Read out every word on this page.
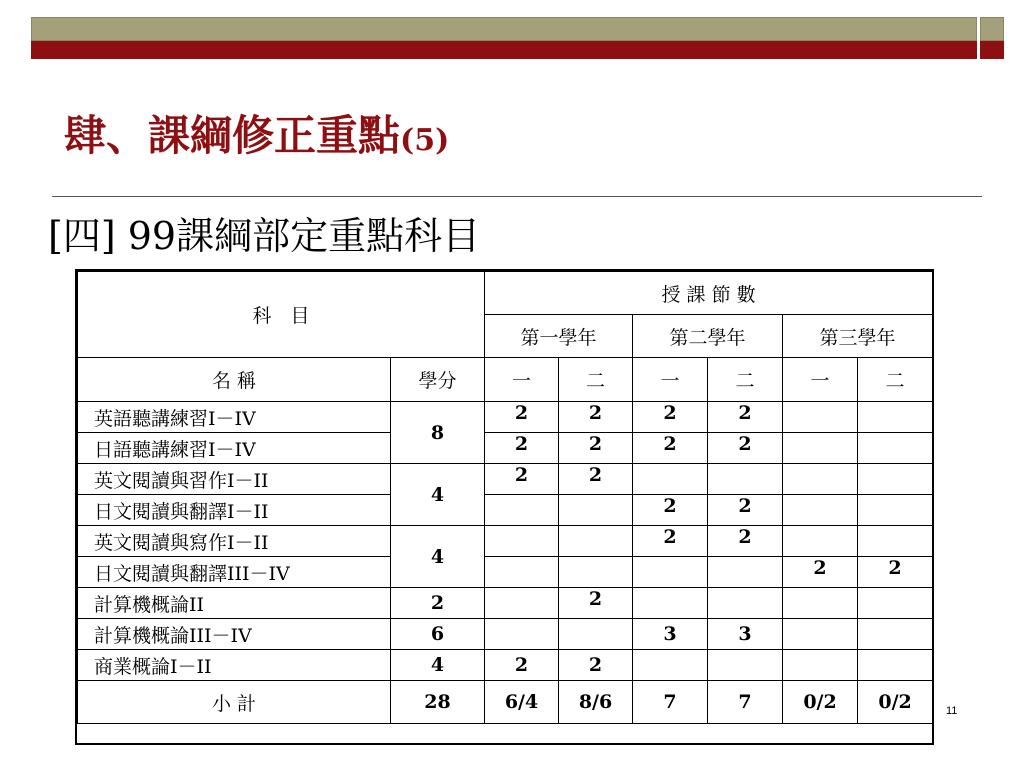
肆、課綱修正重點(5)
[四] 99課綱部定重點科目
科　目		授 課 節 數					
		第一學年		第二學年		第三學年	
名 稱	學分	一	二	一	二	一	二
英語聽講練習I－IV	8	2	2	2	2		
日語聽講練習I－IV		2	2	2	2		
英文閱讀與習作I－II	4	2	2				
日文閱讀與翻譯I－II				2	2		
英文閱讀與寫作I－II	4			2	2		
日文閱讀與翻譯III－IV						2	2
計算機概論II	2		2				
計算機概論III－IV	6			3	3		
商業概論I－II	4	2	2				
小 計	28	6/4	8/6	7	7	0/2	0/2	11
